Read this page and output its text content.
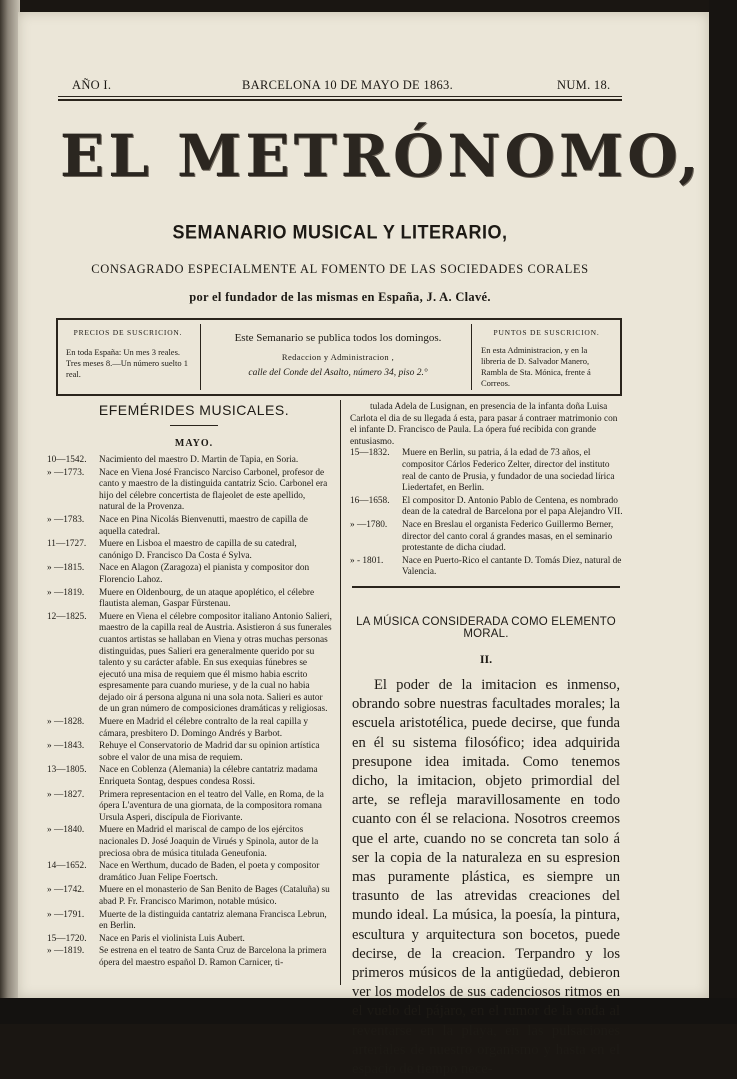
AÑO I.	BARCELONA 10 DE MAYO DE 1863.	NUM. 18.
EL METRÓNOMO,
SEMANARIO MUSICAL Y LITERARIO,
CONSAGRADO ESPECIALMENTE AL FOMENTO DE LAS SOCIEDADES CORALES
por el fundador de las mismas en España, J. A. Clavé.
PRECIOS DE SUSCRICION.
En toda España: Un mes 3 reales. Tres meses 8.—Un número suelto 1 real.
Este Semanario se publica todos los domingos.
Redaccion y Administracion ,
calle del Conde del Asalto, número 34, piso 2.°
PUNTOS DE SUSCRICION.
En esta Administracion, y en la libreria de D. Salvador Manero, Rambla de Sta. Mónica, frente á Correos.
EFEMÉRIDES MUSICALES.
MAYO.
10—1542.	Nacimiento del maestro D. Martin de Tapia, en Soria.
» —1773.	Nace en Viena José Francisco Narciso Carbonel, profesor de canto y maestro de la distinguida cantatriz Scio. Carbonel era hijo del célebre concertista de flajeolet de este apellido, natural de la Provenza.
» —1783.	Nace en Pina Nicolás Bienvenutti, maestro de capilla de aquella catedral.
11—1727.	Muere en Lisboa el maestro de capilla de su catedral, canónigo D. Francisco Da Costa é Sylva.
» —1815.	Nace en Alagon (Zaragoza) el pianista y compositor don Florencio Lahoz.
» —1819.	Muere en Oldenbourg, de un ataque apoplético, el célebre flautista aleman, Gaspar Fürstenau.
12—1825.	Muere en Viena el célebre compositor italiano Antonio Salieri, maestro de la capilla real de Austria. Asistieron á sus funerales cuantos artistas se hallaban en Viena y otras muchas personas distinguidas, pues Salieri era generalmente querido por su talento y su carácter afable. En sus exequias fúnebres se ejecutó una misa de requiem que él mismo habia escrito espresamente para cuando muriese, y de la cual no habia dejado oir á persona alguna ni una sola nota. Salieri es autor de un gran número de composiciones dramáticas y religiosas.
» —1828.	Muere en Madrid el célebre contralto de la real capilla y cámara, presbitero D. Domingo Andrés y Barbot.
» —1843.	Rehuye el Conservatorio de Madrid dar su opinion artística sobre el valor de una misa de requiem.
13—1805.	Nace en Coblenza (Alemania) la célebre cantatriz madama Enriqueta Sontag, despues condesa Rossi.
» —1827.	Primera representacion en el teatro del Valle, en Roma, de la ópera L'aventura de una giornata, de la compositora romana Ursula Asperi, discípula de Fiorivante.
» —1840.	Muere en Madrid el mariscal de campo de los ejércitos nacionales D. José Joaquin de Virués y Spinola, autor de la preciosa obra de música titulada Geneufonia.
14—1652.	Nace en Werthum, ducado de Baden, el poeta y compositor dramático Juan Felipe Foertsch.
» —1742.	Muere en el monasterio de San Benito de Bages (Cataluña) su abad P. Fr. Francisco Marimon, notable músico.
» —1791.	Muerte de la distinguida cantatriz alemana Francisca Lebrun, en Berlin.
15—1720.	Nace en Paris el violinista Luis Aubert.
» —1819.	Se estrena en el teatro de Santa Cruz de Barcelona la primera ópera del maestro español D. Ramon Carnicer, ti-
tulada Adela de Lusignan, en presencia de la infanta doña Luisa Carlota el dia de su llegada á esta, para pasar á contraer matrimonio con el infante D. Francisco de Paula. La ópera fué recibida con grande entusiasmo.
15—1832.	Muere en Berlin, su patria, á la edad de 73 años, el compositor Cárlos Federico Zelter, director del instituto real de canto de Prusia, y fundador de una sociedad lírica Liedertafet, en Berlin.
16—1658.	El compositor D. Antonio Pablo de Centena, es nombrado dean de la catedral de Barcelona por el papa Alejandro VII.
» —1780.	Nace en Breslau el organista Federico Guillermo Berner, director del canto coral á grandes masas, en el seminario protestante de dicha ciudad.
» - 1801.	Nace en Puerto-Rico el cantante D. Tomás Diez, natural de Valencia.
LA MÚSICA CONSIDERADA COMO ELEMENTO MORAL.
II.
El poder de la imitacion es inmenso, obrando sobre nuestras facultades morales; la escuela aristotélica, puede decirse, que funda en él su sistema filosófico; idea adquirida presupone idea imitada. Como tenemos dicho, la imitacion, objeto primordial del arte, se refleja maravillosamente en todo cuanto con él se relaciona. Nosotros creemos que el arte, cuando no se concreta tan solo á ser la copia de la naturaleza en su espresion mas puramente plástica, es siempre un trasunto de las atrevidas creaciones del mundo ideal. La música, la poesía, la pintura, escultura y arquitectura son bocetos, puede decirse, de la creacion. Terpandro y los primeros músicos de la antigüedad, debieron ver los modelos de sus cadenciosos ritmos en el vuelo del pájaro, en el rumor de la onda al reventarse en la playa, en las pulsaciones arteriales de nuestro organismo y hasta en el espacio de tiempo nece-
